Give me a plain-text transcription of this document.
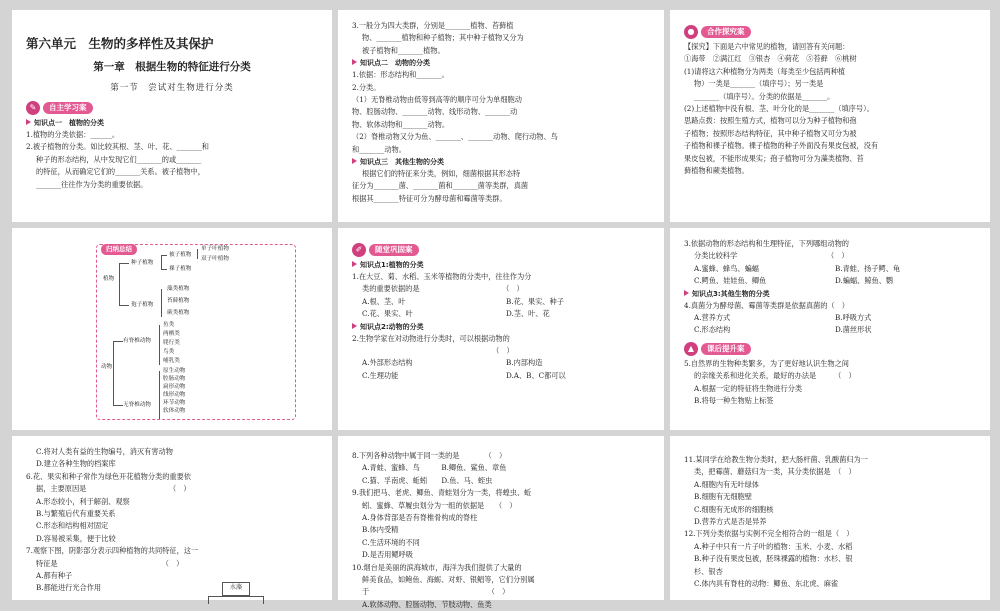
第六单元　生物的多样性及其保护
第一章　根据生物的特征进行分类
第一节　尝试对生物进行分类
✎	自主学习案
知识点一　植物的分类
1.植物的分类依据：______。
2.被子植物的分类。如比较其根、茎、叶、花、_______和
种子的形态结构，从中发现它们_______的或_______
的特征，从而确定它们的_______关系。被子植物中，
_______往往作为分类的重要依据。
3.一般分为四大类群，分别是_______植物、苔藓植
物、_______植物和种子植物；其中种子植物又分为
被子植物和_______植物。
知识点二　动物的分类
1.依据：形态结构和_______。
2.分类。
（1）无脊椎动物由低等到高等的顺序可分为单细胞动
物、腔肠动物、_______动物、线形动物、_______动
物、软体动物和_______动物。
（2）脊椎动物又分为鱼、_______、_______动物、爬行动物、鸟
和_______动物。
知识点三　其他生物的分类
根据它们的特征来分类，例如，细菌根据其形态特
征分为_______菌、_______菌和_______菌等类群，真菌
根据其_______特征可分为酵母菌和霉菌等类群。
●	合作探究案
【探究】下面是六中常见的植物，请回答有关问题：
①海带　②满江红　③银杏　④荷花　⑤苔藓　⑥桃树
(1)请将这六种植物分为两类（每类至少包括两种植
物）一类是_______（填序号）；另一类是
_______（填序号）。分类的依据是_______。
(2)上述植物中没有根、茎、叶分化的是_______（填序号）。
思路点拨：按照生殖方式，植物可以分为种子植物和孢
子植物；按照形态结构特征，其中种子植物又可分为被
子植物和裸子植物。裸子植物的种子外面没有果皮包被，没有
果皮包被，不能形成果实；孢子植物可分为藻类植物、苔
藓植物和蕨类植物。
归纳总结
植物
种子植物
被子植物
裸子植物
单子叶植物
双子叶植物
孢子植物
藻类植物
苔藓植物
蕨类植物
动物
有脊椎动物
鱼类
两栖类
爬行类
鸟类
哺乳类
无脊椎动物
原生动物
腔肠动物
扁形动物
线形动物
环节动物
软体动物
✐	随堂巩固案
知识点1:植物的分类
1.在大豆、菊、水稻、玉米等植物的分类中，往往作为分
类的重要依据的是　　　　　　　　　　　　（　）
A.根、茎、叶	B.花、果实、种子
C.花、果实、叶	D.茎、叶、花
知识点2:动物的分类
2.生物学家在对动物进行分类时，可以根据动物的
　　　　　　　　　　　　　　　　　　　　（　）
A.外部形态结构	B.内部构造
C.生理功能	D.A、B、C都可以
3.依据动物的形态结构和生理特征，下列哪组动物的
分类比较科学　　　　　　　　　　　　　（　）
A.蜜蜂、蜂鸟、蝙蝠	B.青蛙、扬子鳄、龟
C.鳄鱼、娃娃鱼、鲫鱼	D.蝙蝠、鲸鱼、鹦
知识点3:其他生物的分类
4.真菌分为酵母菌、霉菌等类群是依据真菌的（　）
A.营养方式	B.呼吸方式
C.形态结构	D.菌丝形状
▲	课后提升案
5.自然界的生物种类繁多，为了更好地认识生物之间
的亲缘关系和进化关系，最好的办法是　　　（　）
A.根据一定的特征将生物进行分类
B.将每一种生物贴上标签
C.将对人类有益的生物编号，消灭有害动物
D.建立各种生物的档案库
6.花、果实和种子常作为绿色开花植物分类的重要依
据，主要原因是　　　　　　　　　　　　（　）
A.形态较小，利于解剖、观察
B.与繁殖后代有重要关系
C.形态和结构相对固定
D.容易被采集，便于比较
7.观察下图，阴影部分表示四种植物的共同特征，这一
特征是　　　　　　　　　　　　　　　（　）
A.都有种子
B.都能进行光合作用	水藻
8.下列各种动物中属于同一类的是　　　　（　）
A.青蛙、蜜蜂、鸟　　　B.鲫鱼、鲨鱼、章鱼
C.猫、孚南虎、蚯蚓　　D.鱼、马、蛭虫
9.我们把马、老虎、鲫鱼、青蛙划分为一类，将蝗虫、蚯
蚓、蜜蜂、草履虫划分为一组的依据是　　（　）
A.身体背部是否有脊椎骨构成的脊柱
B.体内受精
C.生活环境的不同
D.是否用鳃呼吸
10.烟台是美丽的滨海城市，海洋为我们提供了大量的
鲜美食品，如鲍鱼、海蛎、对虾、银鲳等，它们分别属
于　　　　　　　　　　　　　　　　　（　）
A.软体动物、腔肠动物、节肢动物、鱼类
11.某同学在给教生物分类时，把大肠杆菌、乳酸菌归为一
类，把霉菌、蘑菇归为一类，其分类依据是　（　）
A.细胞内有无叶绿体
B.细胞有无细胞壁
C.细胞有无成形的细胞核
D.营养方式是否是异养
12.下列分类依据与实例不完全相符合的一组是（　）
A.种子中只有一片子叶的植物：玉米、小麦、水稻
B.种子没有果皮包被，胚珠裸露的植物：水杉、银
杉、银杏
C.体内具有脊柱的动物：鲫鱼、东北虎、麻雀
